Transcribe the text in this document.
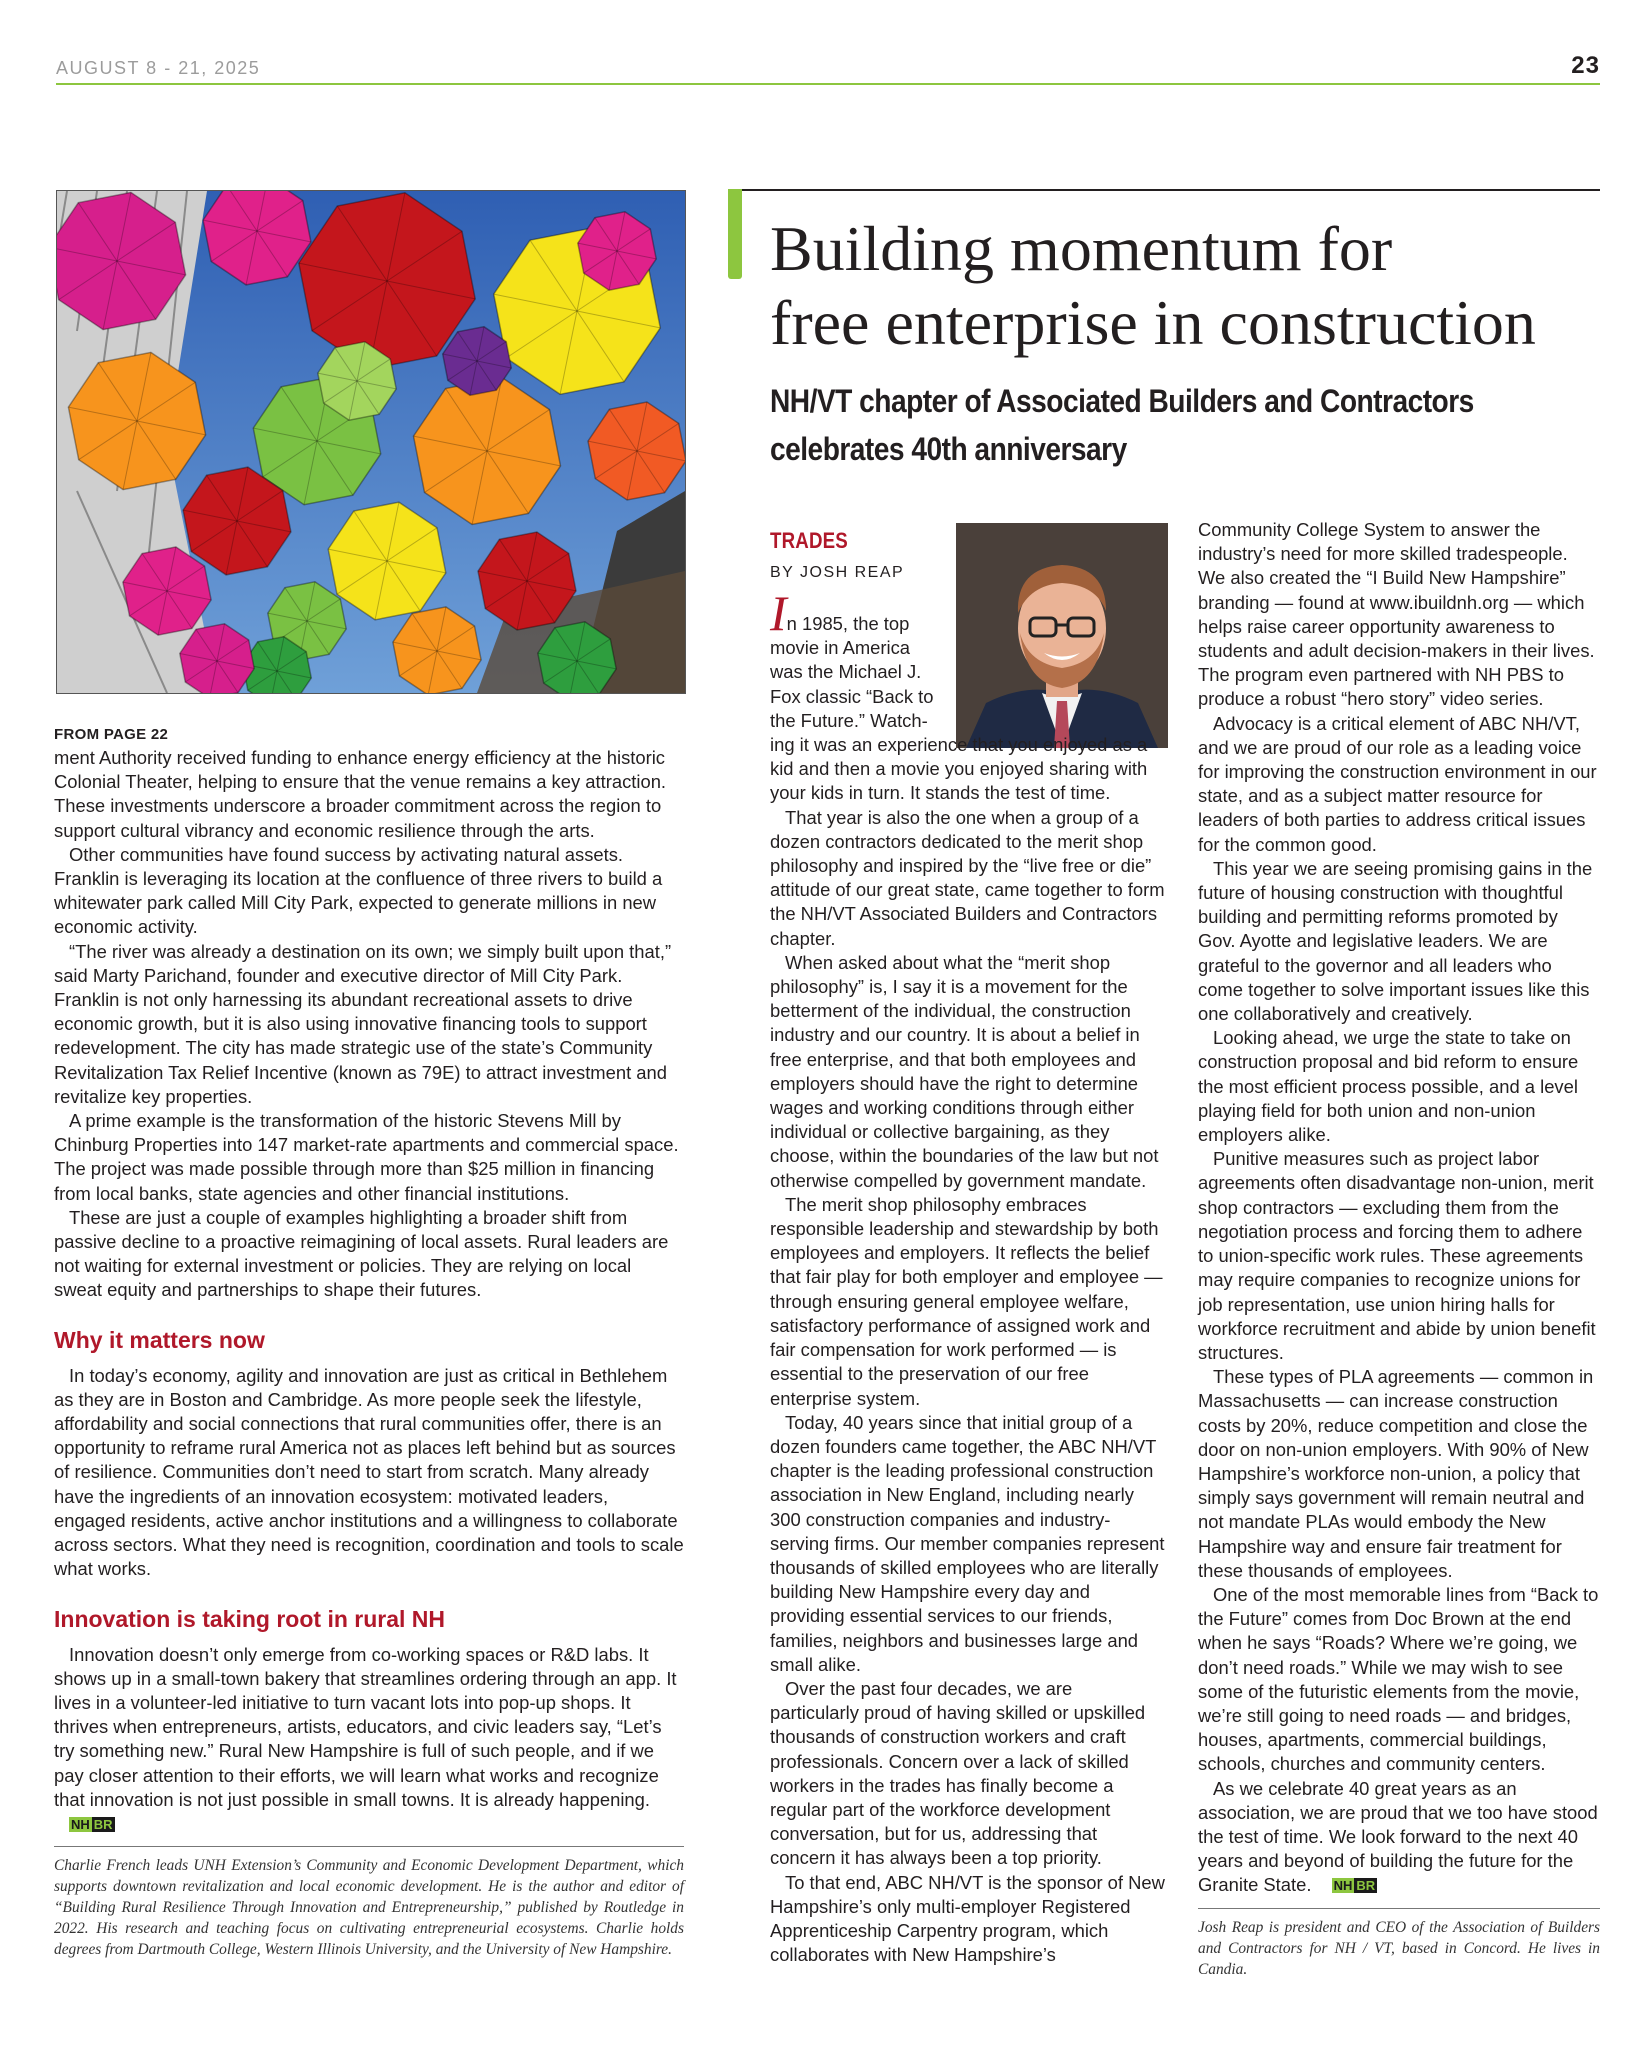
AUGUST 8 - 21, 2025	23
FROM PAGE 22

ment Authority received funding to enhance energy efficiency at the historic Colonial Theater, helping to ensure that the venue remains a key attraction. These investments underscore a broader commitment across the region to support cultural vibrancy and economic resilience through the arts.

Other communities have found success by activating natural assets. Franklin is leveraging its location at the confluence of three rivers to build a whitewater park called Mill City Park, expected to generate millions in new economic activity.

“The river was already a destination on its own; we simply built upon that,” said Marty Parichand, founder and executive director of Mill City Park. Franklin is not only harnessing its abundant recreational assets to drive economic growth, but it is also using innovative financing tools to support redevelopment. The city has made strategic use of the state’s Community Revitalization Tax Relief Incentive (known as 79E) to attract investment and revitalize key properties.

A prime example is the transformation of the historic Stevens Mill by Chinburg Properties into 147 market-rate apartments and commercial space. The project was made possible through more than $25 million in financing from local banks, state agencies and other financial institutions.

These are just a couple of examples highlighting a broader shift from passive decline to a proactive reimagining of local assets. Rural leaders are not waiting for external investment or policies. They are relying on local sweat equity and partnerships to shape their futures.

Why it matters now

In today’s economy, agility and innovation are just as critical in Bethlehem as they are in Boston and Cambridge. As more people seek the lifestyle, affordability and social connections that rural communities offer, there is an opportunity to reframe rural America not as places left behind but as sources of resilience. Communities don’t need to start from scratch. Many already have the ingredients of an innovation ecosystem: motivated leaders, engaged residents, active anchor institutions and a willingness to collaborate across sectors. What they need is recognition, coordination and tools to scale what works.

Innovation is taking root in rural NH

Innovation doesn’t only emerge from co-working spaces or R&D labs. It shows up in a small-town bakery that streamlines ordering through an app. It lives in a volunteer-led initiative to turn vacant lots into pop-up shops. It thrives when entrepreneurs, artists, educators, and civic leaders say, “Let’s try something new.” Rural New Hampshire is full of such people, and if we pay closer attention to their efforts, we will learn what works and recognize that innovation is not just possible in small towns. It is already happening. NH BR

Charlie French leads UNH Extension’s Community and Economic Development Department, which supports downtown revitalization and local economic development. He is the author and editor of “Building Rural Resilience Through Innovation and Entrepreneurship,” published by Routledge in 2022. His research and teaching focus on cultivating entrepreneurial ecosystems. Charlie holds degrees from Dartmouth College, Western Illinois University, and the University of New Hampshire.
Building momentum for
free enterprise in construction
NH/VT chapter of Associated Builders and Contractors
celebrates 40th anniversary
TRADES
BY JOSH REAP
In 1985, the top
movie in America
was the Michael J.
Fox classic “Back to
the Future.” Watch-

ing it was an experience that you enjoyed as a kid and then a movie you enjoyed sharing with your kids in turn. It stands the test of time.

That year is also the one when a group of a dozen contractors dedicated to the merit shop philosophy and inspired by the “live free or die” attitude of our great state, came together to form the NH/VT Associated Builders and Contractors chapter.

When asked about what the “merit shop philosophy” is, I say it is a movement for the betterment of the individual, the construction industry and our country. It is about a belief in free enterprise, and that both employees and employers should have the right to determine wages and working conditions through either individual or collective bargaining, as they choose, within the boundaries of the law but not otherwise compelled by government mandate.

The merit shop philosophy embraces responsible leadership and stewardship by both employees and employers. It reflects the belief that fair play for both employer and employee — through ensuring general employee welfare, satisfactory performance of assigned work and fair compensation for work performed — is essential to the preservation of our free enterprise system.

Today, 40 years since that initial group of a dozen founders came together, the ABC NH/VT chapter is the leading professional construction association in New England, including nearly 300 construction companies and industry-serving firms. Our member companies represent thousands of skilled employees who are literally building New Hampshire every day and providing essential services to our friends, families, neighbors and businesses large and small alike.

Over the past four decades, we are particularly proud of having skilled or upskilled thousands of construction workers and craft professionals. Concern over a lack of skilled workers in the trades has finally become a regular part of the workforce development conversation, but for us, addressing that concern it has always been a top priority.

To that end, ABC NH/VT is the sponsor of New Hampshire’s only multi-employer Registered Apprenticeship Carpentry program, which collaborates with New Hampshire’s

Community College System to answer the industry’s need for more skilled tradespeople. We also created the “I Build New Hampshire” branding — found at www.ibuildnh.org — which helps raise career opportunity awareness to students and adult decision-makers in their lives. The program even partnered with NH PBS to produce a robust “hero story” video series.

Advocacy is a critical element of ABC NH/VT, and we are proud of our role as a leading voice for improving the construction environment in our state, and as a subject matter resource for leaders of both parties to address critical issues for the common good.

This year we are seeing promising gains in the future of housing construction with thoughtful building and permitting reforms promoted by Gov. Ayotte and legislative leaders. We are grateful to the governor and all leaders who come together to solve important issues like this one collaboratively and creatively.

Looking ahead, we urge the state to take on construction proposal and bid reform to ensure the most efficient process possible, and a level playing field for both union and non-union employers alike.

Punitive measures such as project labor agreements often disadvantage non-union, merit shop contractors — excluding them from the negotiation process and forcing them to adhere to union-specific work rules. These agreements may require companies to recognize unions for job representation, use union hiring halls for workforce recruitment and abide by union benefit structures.

These types of PLA agreements — common in Massachusetts — can increase construction costs by 20%, reduce competition and close the door on non-union employers. With 90% of New Hampshire’s workforce non-union, a policy that simply says government will remain neutral and not mandate PLAs would embody the New Hampshire way and ensure fair treatment for these thousands of employees.

One of the most memorable lines from “Back to the Future” comes from Doc Brown at the end when he says “Roads? Where we’re going, we don’t need roads.” While we may wish to see some of the futuristic elements from the movie, we’re still going to need roads — and bridges, houses, apartments, commercial buildings, schools, churches and community centers.

As we celebrate 40 great years as an association, we are proud that we too have stood the test of time. We look forward to the next 40 years and beyond of building the future for the Granite State. NH BR

Josh Reap is president and CEO of the Association of Builders and Contractors for NH / VT, based in Concord. He lives in Candia.
